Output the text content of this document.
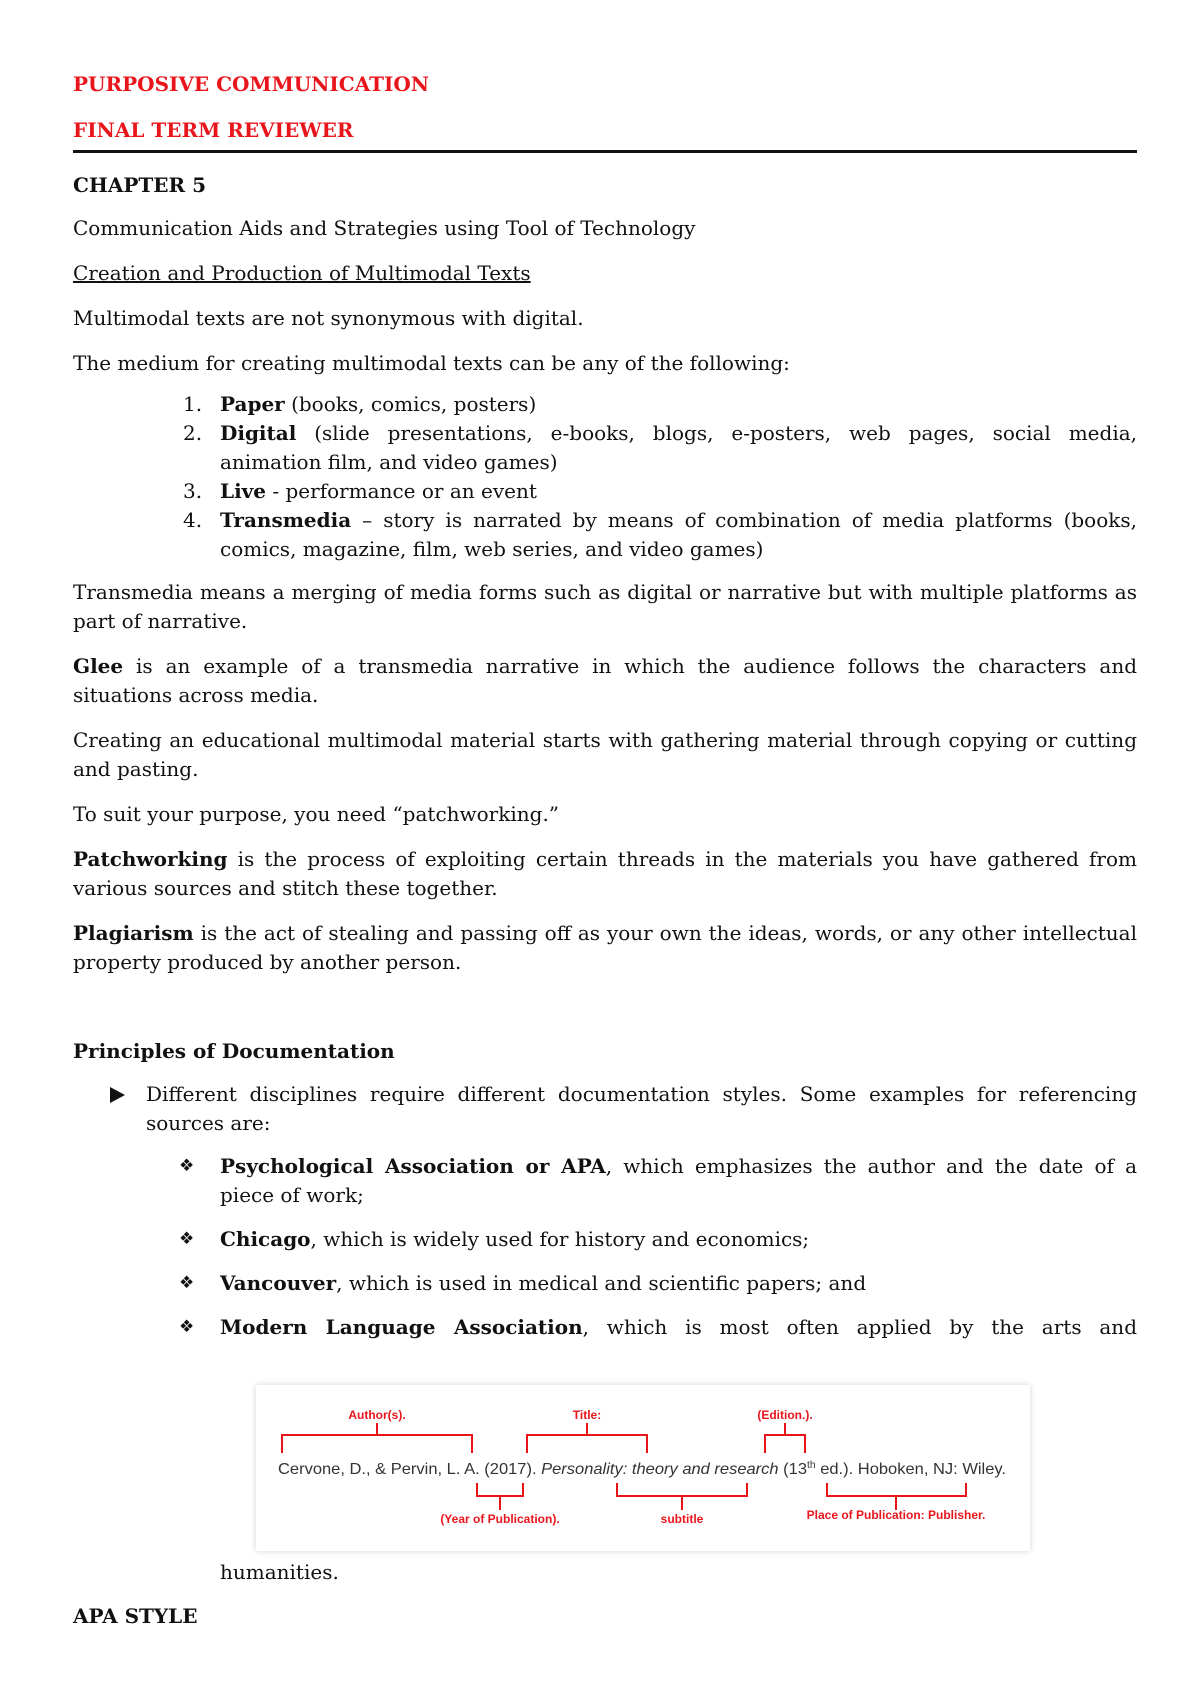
PURPOSIVE COMMUNICATION
FINAL TERM REVIEWER

CHAPTER 5

Communication Aids and Strategies using Tool of Technology

Creation and Production of Multimodal Texts

Multimodal texts are not synonymous with digital.

The medium for creating multimodal texts can be any of the following:

1. Paper (books, comics, posters)
2. Digital (slide presentations, e-books, blogs, e-posters, web pages, social media, animation film, and video games)
3. Live - performance or an event
4. Transmedia – story is narrated by means of combination of media platforms (books, comics, magazine, film, web series, and video games)

Transmedia means a merging of media forms such as digital or narrative but with multiple platforms as part of narrative.

Glee is an example of a transmedia narrative in which the audience follows the characters and situations across media.

Creating an educational multimodal material starts with gathering material through copying or cutting and pasting.

To suit your purpose, you need “patchworking.”

Patchworking is the process of exploiting certain threads in the materials you have gathered from various sources and stitch these together.

Plagiarism is the act of stealing and passing off as your own the ideas, words, or any other intellectual property produced by another person.

Principles of Documentation

Different disciplines require different documentation styles. Some examples for referencing sources are:
❖ Psychological Association or APA, which emphasizes the author and the date of a piece of work;
❖ Chicago, which is widely used for history and economics;
❖ Vancouver, which is used in medical and scientific papers; and
❖ Modern Language Association, which is most often applied by the arts and
Author(s).	Title:	(Edition.).
(Year of Publication).	subtitle	Place of Publication: Publisher.
Cervone, D., & Pervin, L. A. (2017). Personality: theory and research (13th ed.). Hoboken, NJ: Wiley.
humanities.
APA STYLE
